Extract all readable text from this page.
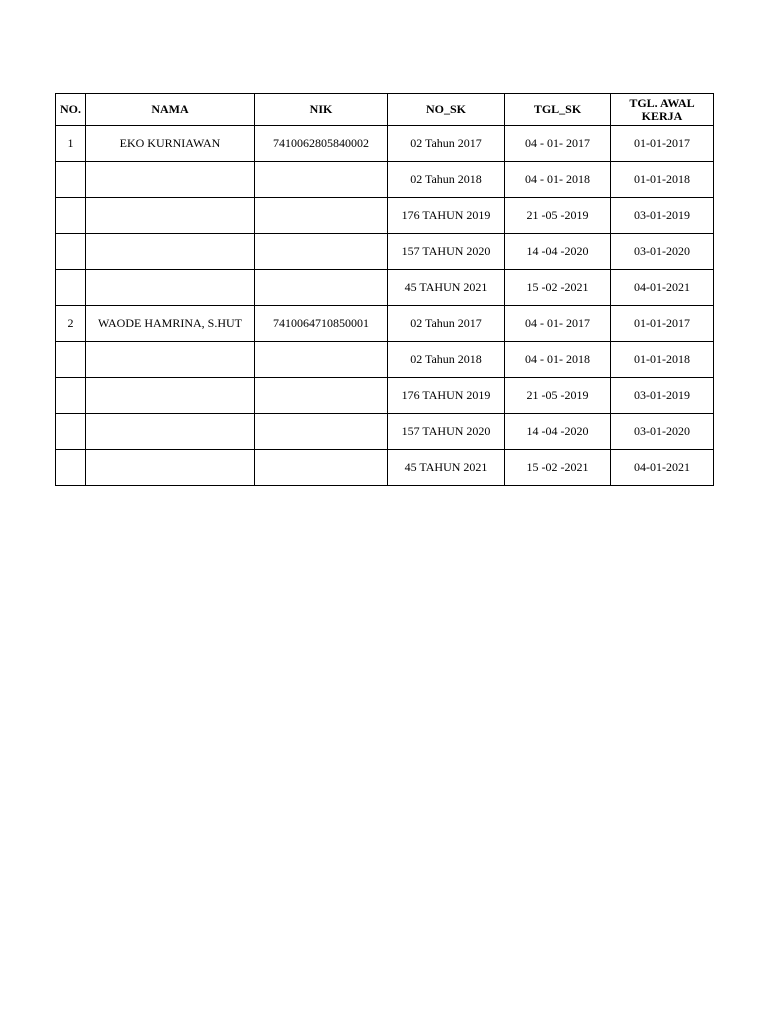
NO.	NAMA	NIK	NO_SK	TGL_SK	TGL. AWAL KERJA
1	EKO KURNIAWAN	7410062805840002	02 Tahun 2017	04 - 01- 2017	01-01-2017
			02 Tahun 2018	04 - 01- 2018	01-01-2018
			176 TAHUN 2019	21 -05 -2019	03-01-2019
			157 TAHUN 2020	14 -04 -2020	03-01-2020
			45 TAHUN 2021	15 -02 -2021	04-01-2021
2	WAODE HAMRINA, S.HUT	7410064710850001	02 Tahun 2017	04 - 01- 2017	01-01-2017
			02 Tahun 2018	04 - 01- 2018	01-01-2018
			176 TAHUN 2019	21 -05 -2019	03-01-2019
			157 TAHUN 2020	14 -04 -2020	03-01-2020
			45 TAHUN 2021	15 -02 -2021	04-01-2021
